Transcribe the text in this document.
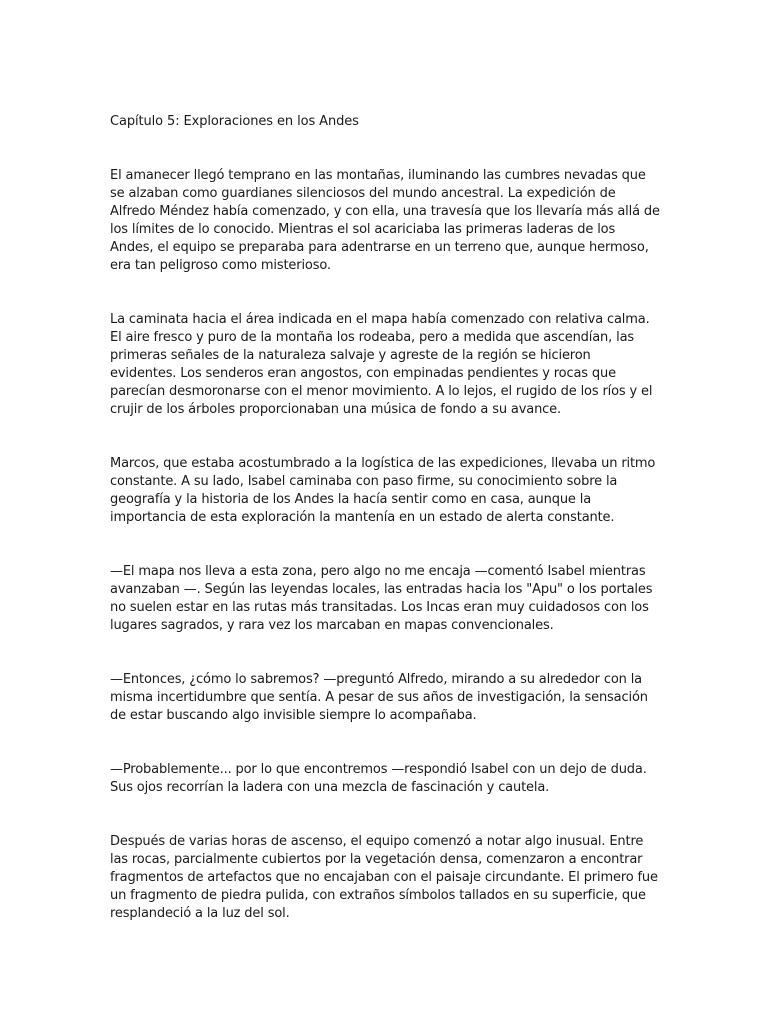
Capítulo 5: Exploraciones en los Andes

El amanecer llegó temprano en las montañas, iluminando las cumbres nevadas que se alzaban como guardianes silenciosos del mundo ancestral. La expedición de Alfredo Méndez había comenzado, y con ella, una travesía que los llevaría más allá de los límites de lo conocido. Mientras el sol acariciaba las primeras laderas de los Andes, el equipo se preparaba para adentrarse en un terreno que, aunque hermoso, era tan peligroso como misterioso.

La caminata hacia el área indicada en el mapa había comenzado con relativa calma. El aire fresco y puro de la montaña los rodeaba, pero a medida que ascendían, las primeras señales de la naturaleza salvaje y agreste de la región se hicieron evidentes. Los senderos eran angostos, con empinadas pendientes y rocas que parecían desmoronarse con el menor movimiento. A lo lejos, el rugido de los ríos y el crujir de los árboles proporcionaban una música de fondo a su avance.

Marcos, que estaba acostumbrado a la logística de las expediciones, llevaba un ritmo constante. A su lado, Isabel caminaba con paso firme, su conocimiento sobre la geografía y la historia de los Andes la hacía sentir como en casa, aunque la importancia de esta exploración la mantenía en un estado de alerta constante.

—El mapa nos lleva a esta zona, pero algo no me encaja —comentó Isabel mientras avanzaban —. Según las leyendas locales, las entradas hacia los "Apu" o los portales no suelen estar en las rutas más transitadas. Los Incas eran muy cuidadosos con los lugares sagrados, y rara vez los marcaban en mapas convencionales.

—Entonces, ¿cómo lo sabremos? —preguntó Alfredo, mirando a su alrededor con la misma incertidumbre que sentía. A pesar de sus años de investigación, la sensación de estar buscando algo invisible siempre lo acompañaba.

—Probablemente... por lo que encontremos —respondió Isabel con un dejo de duda. Sus ojos recorrían la ladera con una mezcla de fascinación y cautela.

Después de varias horas de ascenso, el equipo comenzó a notar algo inusual. Entre las rocas, parcialmente cubiertos por la vegetación densa, comenzaron a encontrar fragmentos de artefactos que no encajaban con el paisaje circundante. El primero fue un fragmento de piedra pulida, con extraños símbolos tallados en su superficie, que resplandeció a la luz del sol.
